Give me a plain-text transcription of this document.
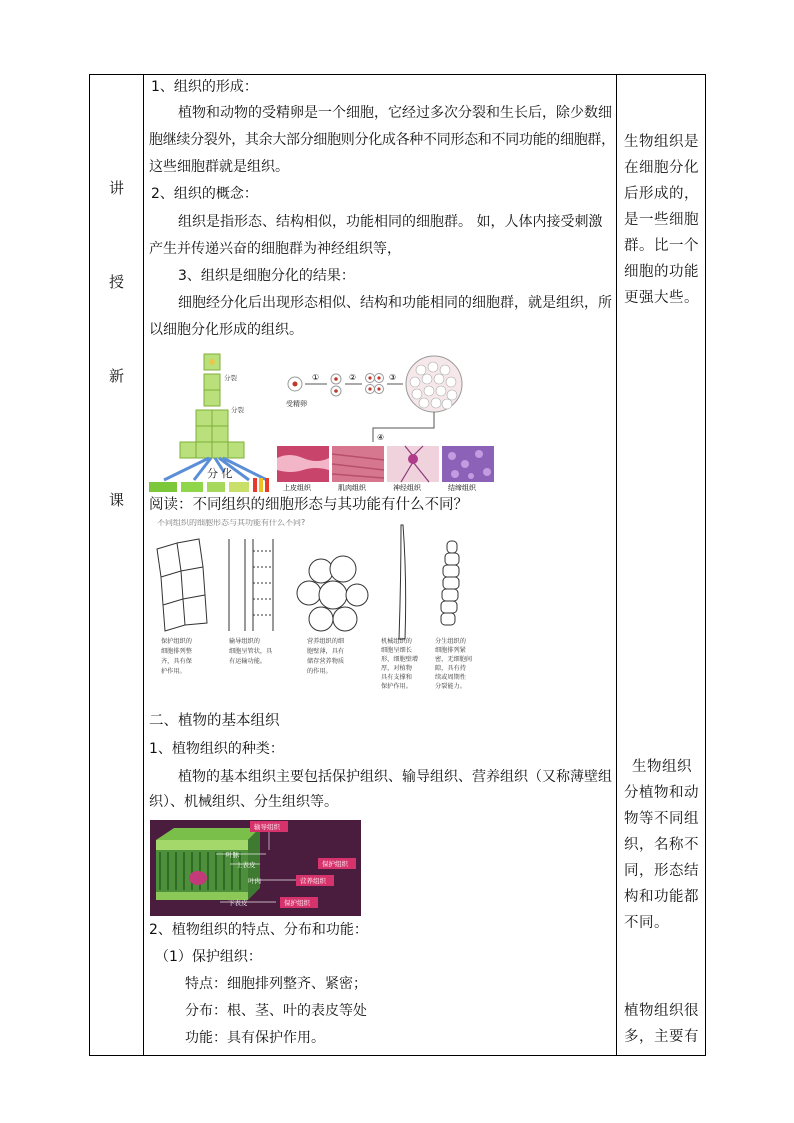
讲
授
新
课
1、组织的形成：
植物和动物的受精卵是一个细胞，它经过多次分裂和生长后，除少数细
胞继续分裂外，其余大部分细胞则分化成各种不同形态和不同功能的细胞群，
这些细胞群就是组织。
2、组织的概念：
组织是指形态、结构相似，功能相同的细胞群。 如，人体内接受刺激
产生并传递兴奋的细胞群为神经组织等，
3、组织是细胞分化的结果：
细胞经分化后出现形态相似、结构和功能相同的细胞群，就是组织，所
以细胞分化形成的组织。
分裂
分裂
分 化
受精卵
①	②	③
④
上皮组织	肌肉组织	神经组织	结缔组织
阅读：不同组织的细胞形态与其功能有什么不同？
不同组织的细胞形态与其功能有什么不同?
保护组织的
细胞排列整
齐，具有保
护作用。
输导组织的
细胞呈管状，具
有运输功能。
营养组织的细
胞壁薄，具有
储存营养物质
的作用。
机械组织的
细胞呈细长
形，细胞壁增
厚，对植物
具有支撑和
保护作用。
分生组织的
细胞排列紧
密，无细胞间
隙，具有持
续或周期性
分裂能力。
二、植物的基本组织
1、植物组织的种类：
植物的基本组织主要包括保护组织、输导组织、营养组织（又称薄壁组
织）、机械组织、分生组织等。
叶脉
上表皮
叶肉
下表皮
输导组织
保护组织
营养组织
保护组织
2、植物组织的特点、分布和功能：
（1）保护组织：
特点：细胞排列整齐、紧密；
分布：根、茎、叶的表皮等处
功能：具有保护作用。
生物组织是
在细胞分化
后形成的，
是一些细胞
群。比一个
细胞的功能
更强大些。
生物组织
分植物和动
物等不同组
织，名称不
同，形态结
构和功能都
不同。
植物组织很
多，主要有
